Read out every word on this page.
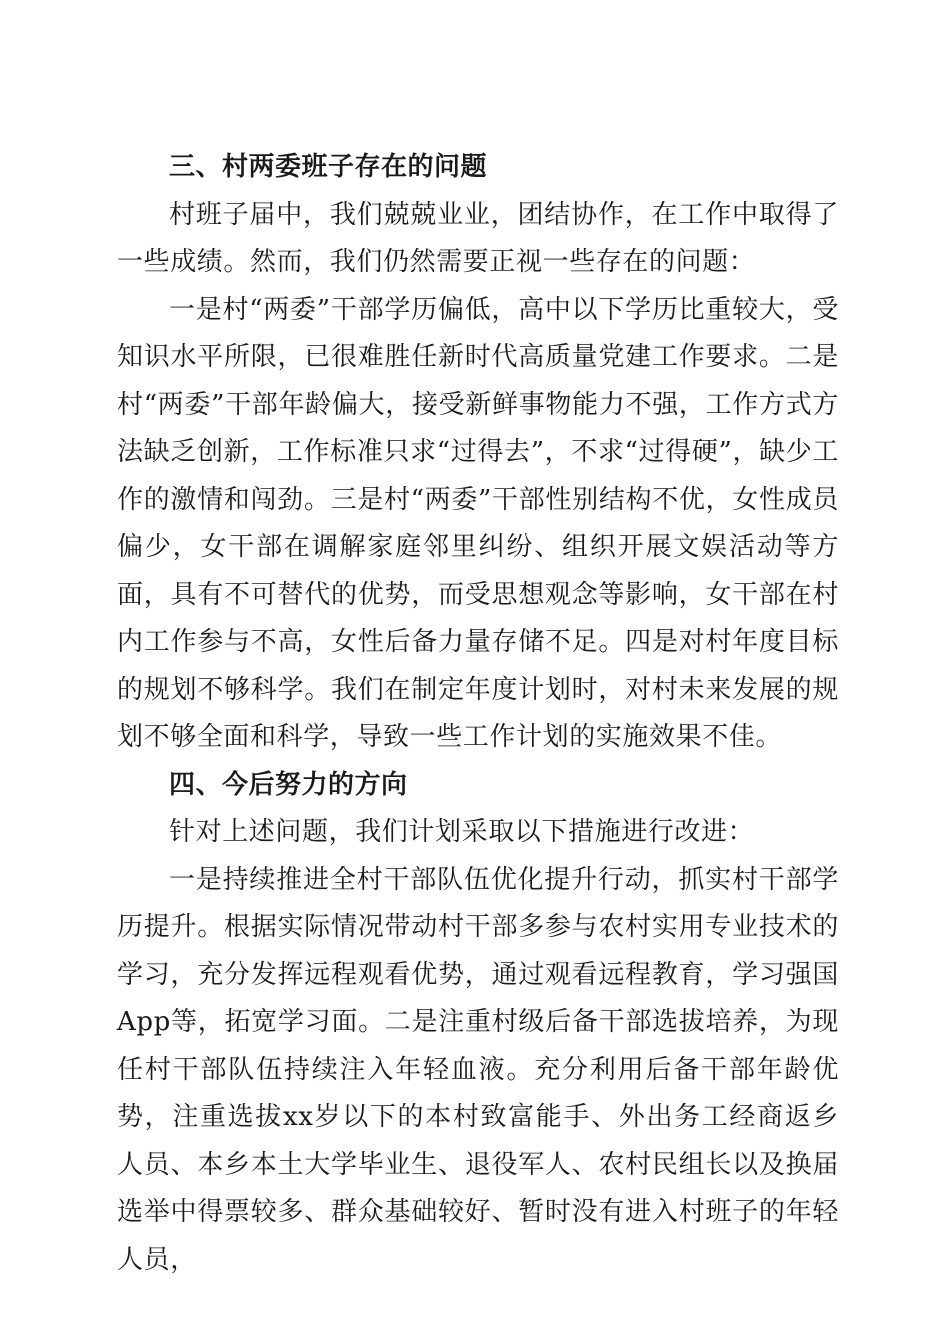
三、村两委班子存在的问题

村班子届中，我们兢兢业业，团结协作，在工作中取得了一些成绩。然而，我们仍然需要正视一些存在的问题：

一是村“两委”干部学历偏低，高中以下学历比重较大，受知识水平所限，已很难胜任新时代高质量党建工作要求。二是村“两委”干部年龄偏大，接受新鲜事物能力不强，工作方式方法缺乏创新，工作标准只求“过得去”，不求“过得硬”，缺少工作的激情和闯劲。三是村“两委”干部性别结构不优，女性成员偏少，女干部在调解家庭邻里纠纷、组织开展文娱活动等方面，具有不可替代的优势，而受思想观念等影响，女干部在村内工作参与不高，女性后备力量存储不足。四是对村年度目标的规划不够科学。我们在制定年度计划时，对村未来发展的规划不够全面和科学，导致一些工作计划的实施效果不佳。

四、今后努力的方向

针对上述问题，我们计划采取以下措施进行改进：

一是持续推进全村干部队伍优化提升行动，抓实村干部学历提升。根据实际情况带动村干部多参与农村实用专业技术的学习，充分发挥远程观看优势，通过观看远程教育，学习强国App等，拓宽学习面。二是注重村级后备干部选拔培养，为现任村干部队伍持续注入年轻血液。充分利用后备干部年龄优势，注重选拔xx岁以下的本村致富能手、外出务工经商返乡人员、本乡本土大学毕业生、退役军人、农村民组长以及换届选举中得票较多、群众基础较好、暂时没有进入村班子的年轻人员，
